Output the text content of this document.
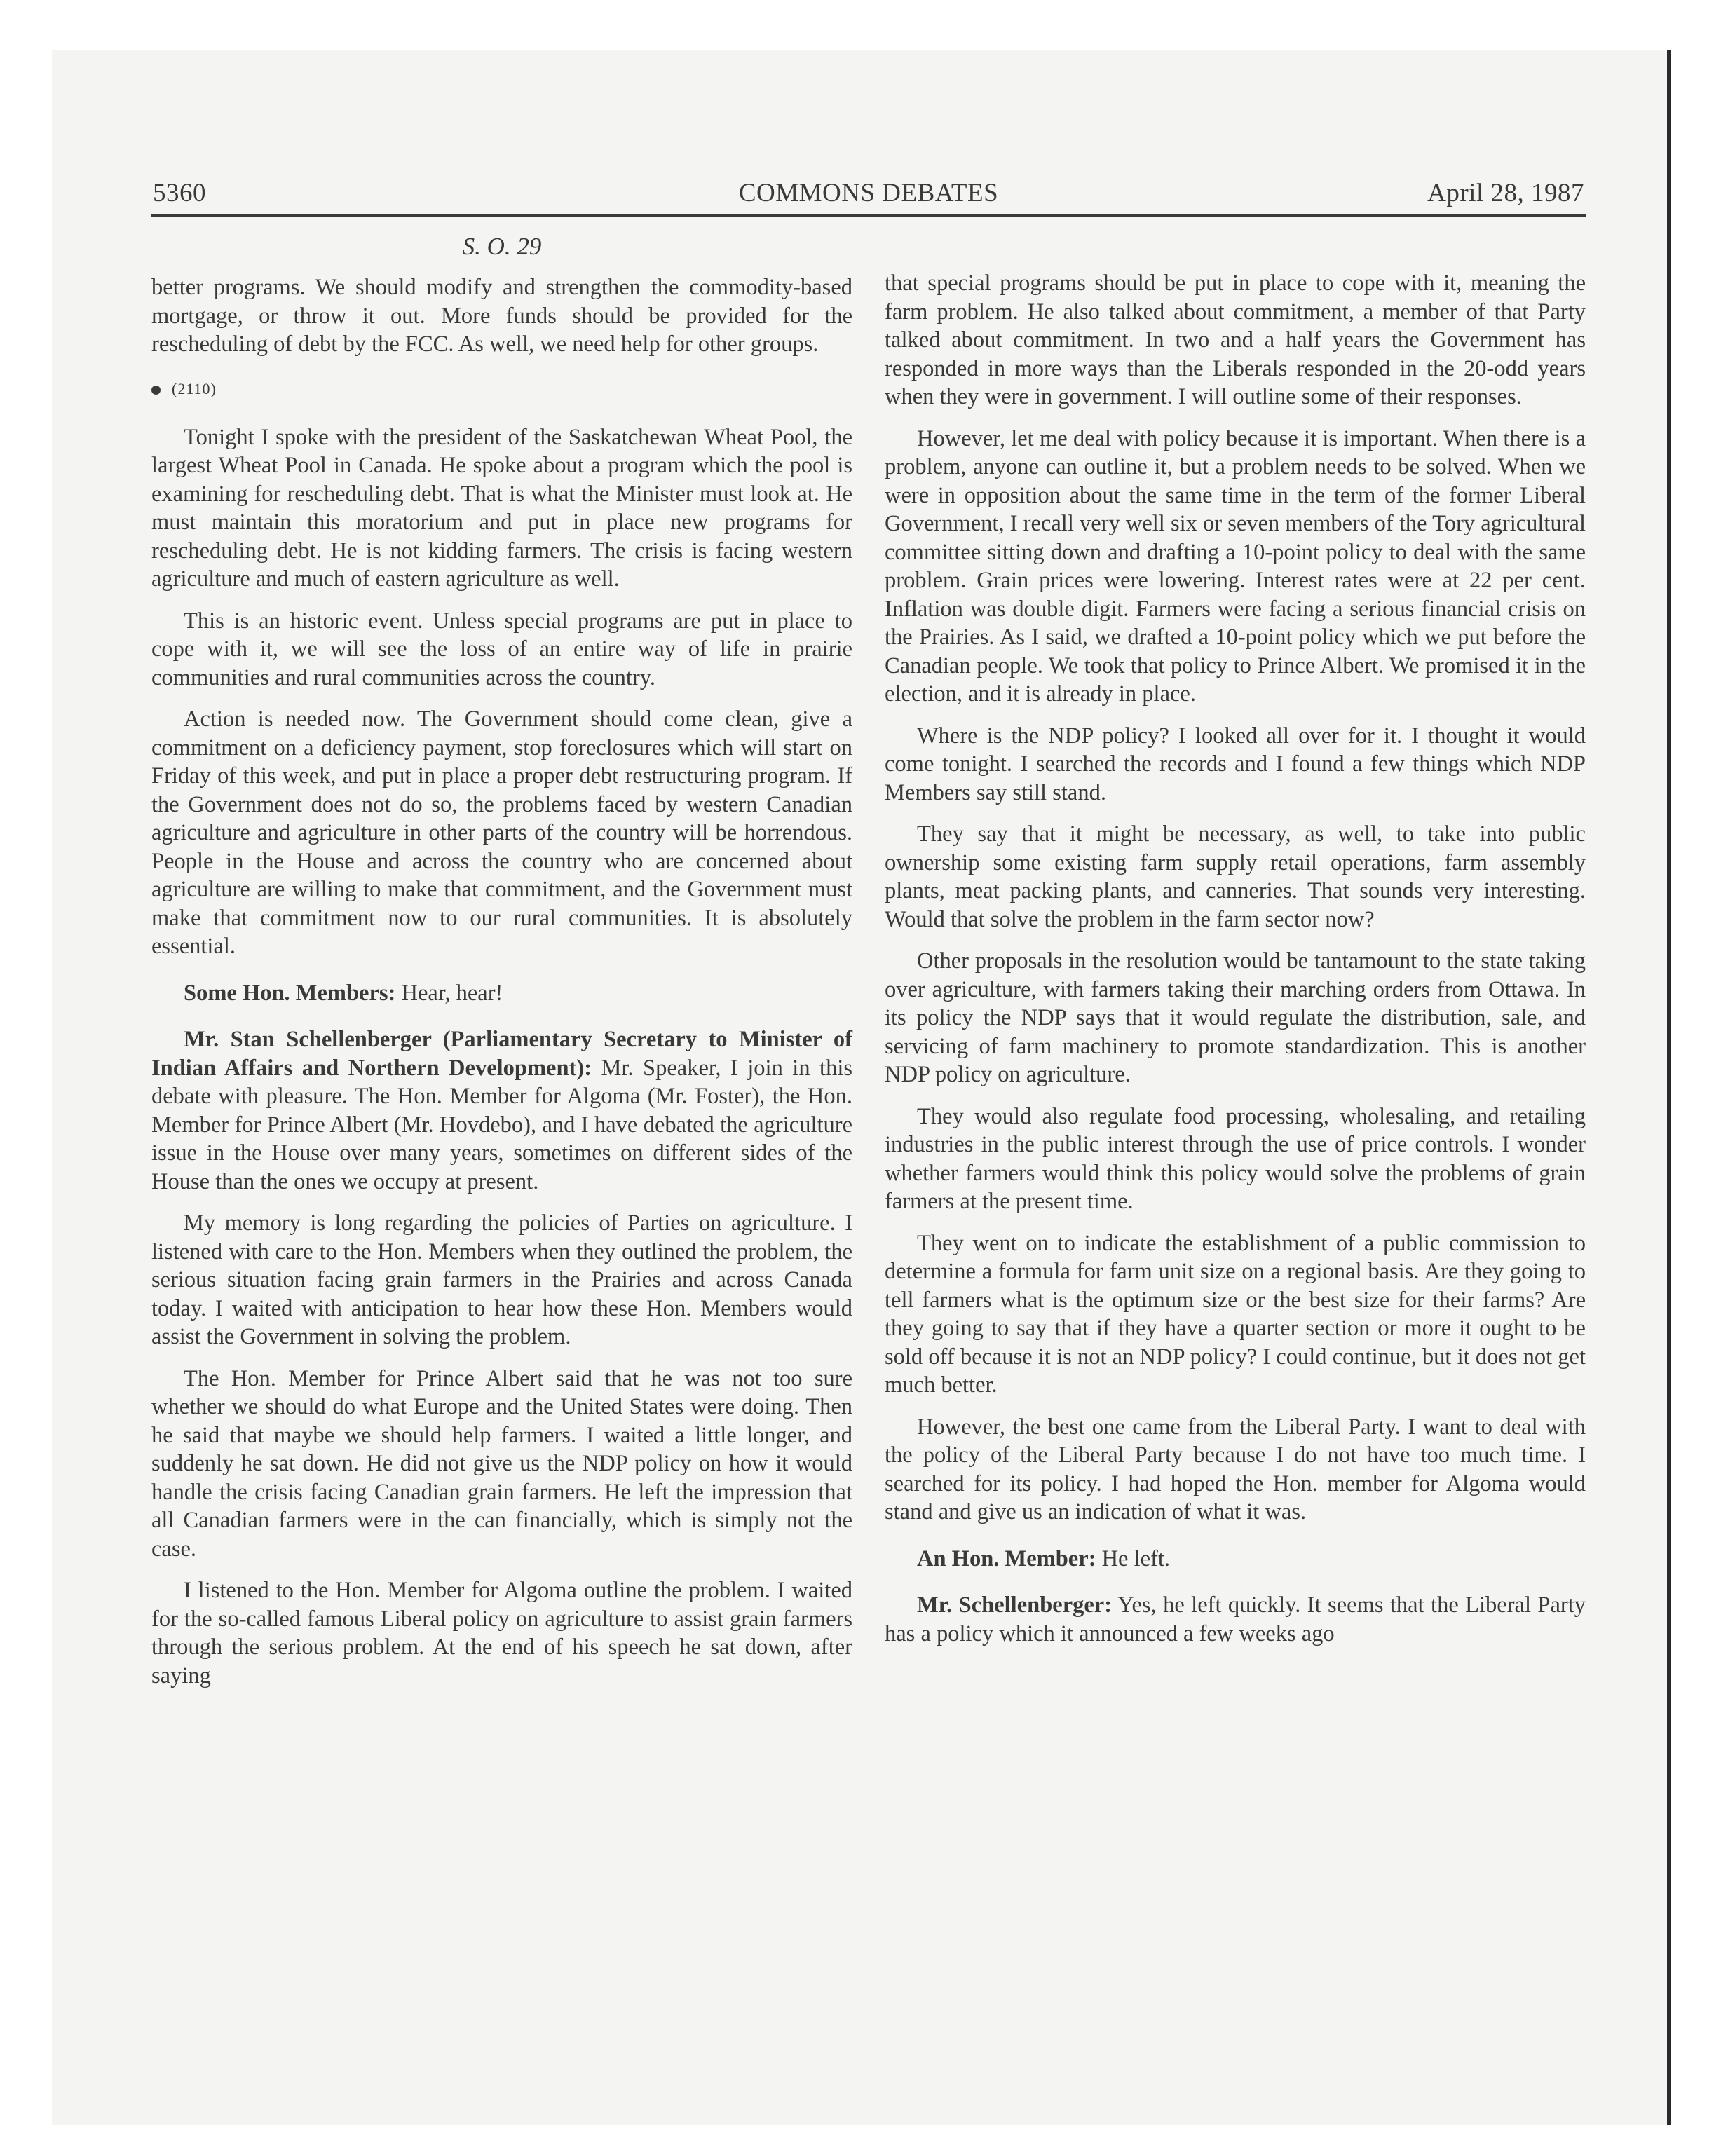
COMMONS DEBATES
5360	April 28, 1987
S. O. 29

better programs. We should modify and strengthen the commodity-based mortgage, or throw it out. More funds should be provided for the rescheduling of debt by the FCC. As well, we need help for other groups.

(2110)

Tonight I spoke with the president of the Saskatchewan Wheat Pool, the largest Wheat Pool in Canada. He spoke about a program which the pool is examining for rescheduling debt. That is what the Minister must look at. He must maintain this moratorium and put in place new programs for rescheduling debt. He is not kidding farmers. The crisis is facing western agriculture and much of eastern agriculture as well.

This is an historic event. Unless special programs are put in place to cope with it, we will see the loss of an entire way of life in prairie communities and rural communities across the country.

Action is needed now. The Government should come clean, give a commitment on a deficiency payment, stop foreclosures which will start on Friday of this week, and put in place a proper debt restructuring program. If the Government does not do so, the problems faced by western Canadian agriculture and agriculture in other parts of the country will be horrendous. People in the House and across the country who are concerned about agriculture are willing to make that commitment, and the Government must make that commitment now to our rural communities. It is absolutely essential.

Some Hon. Members: Hear, hear!

Mr. Stan Schellenberger (Parliamentary Secretary to Minister of Indian Affairs and Northern Development): Mr. Speaker, I join in this debate with pleasure. The Hon. Member for Algoma (Mr. Foster), the Hon. Member for Prince Albert (Mr. Hovdebo), and I have debated the agriculture issue in the House over many years, sometimes on different sides of the House than the ones we occupy at present.

My memory is long regarding the policies of Parties on agriculture. I listened with care to the Hon. Members when they outlined the problem, the serious situation facing grain farmers in the Prairies and across Canada today. I waited with anticipation to hear how these Hon. Members would assist the Government in solving the problem.

The Hon. Member for Prince Albert said that he was not too sure whether we should do what Europe and the United States were doing. Then he said that maybe we should help farmers. I waited a little longer, and suddenly he sat down. He did not give us the NDP policy on how it would handle the crisis facing Canadian grain farmers. He left the impression that all Canadian farmers were in the can financially, which is simply not the case.

I listened to the Hon. Member for Algoma outline the problem. I waited for the so-called famous Liberal policy on agriculture to assist grain farmers through the serious problem. At the end of his speech he sat down, after saying

that special programs should be put in place to cope with it, meaning the farm problem. He also talked about commitment, a member of that Party talked about commitment. In two and a half years the Government has responded in more ways than the Liberals responded in the 20-odd years when they were in government. I will outline some of their responses.

However, let me deal with policy because it is important. When there is a problem, anyone can outline it, but a problem needs to be solved. When we were in opposition about the same time in the term of the former Liberal Government, I recall very well six or seven members of the Tory agricultural committee sitting down and drafting a 10-point policy to deal with the same problem. Grain prices were lowering. Interest rates were at 22 per cent. Inflation was double digit. Farmers were facing a serious financial crisis on the Prairies. As I said, we drafted a 10-point policy which we put before the Canadian people. We took that policy to Prince Albert. We promised it in the election, and it is already in place.

Where is the NDP policy? I looked all over for it. I thought it would come tonight. I searched the records and I found a few things which NDP Members say still stand.

They say that it might be necessary, as well, to take into public ownership some existing farm supply retail operations, farm assembly plants, meat packing plants, and canneries. That sounds very interesting. Would that solve the problem in the farm sector now?

Other proposals in the resolution would be tantamount to the state taking over agriculture, with farmers taking their marching orders from Ottawa. In its policy the NDP says that it would regulate the distribution, sale, and servicing of farm machinery to promote standardization. This is another NDP policy on agriculture.

They would also regulate food processing, wholesaling, and retailing industries in the public interest through the use of price controls. I wonder whether farmers would think this policy would solve the problems of grain farmers at the present time.

They went on to indicate the establishment of a public commission to determine a formula for farm unit size on a regional basis. Are they going to tell farmers what is the optimum size or the best size for their farms? Are they going to say that if they have a quarter section or more it ought to be sold off because it is not an NDP policy? I could continue, but it does not get much better.

However, the best one came from the Liberal Party. I want to deal with the policy of the Liberal Party because I do not have too much time. I searched for its policy. I had hoped the Hon. member for Algoma would stand and give us an indication of what it was.

An Hon. Member: He left.

Mr. Schellenberger: Yes, he left quickly. It seems that the Liberal Party has a policy which it announced a few weeks ago
